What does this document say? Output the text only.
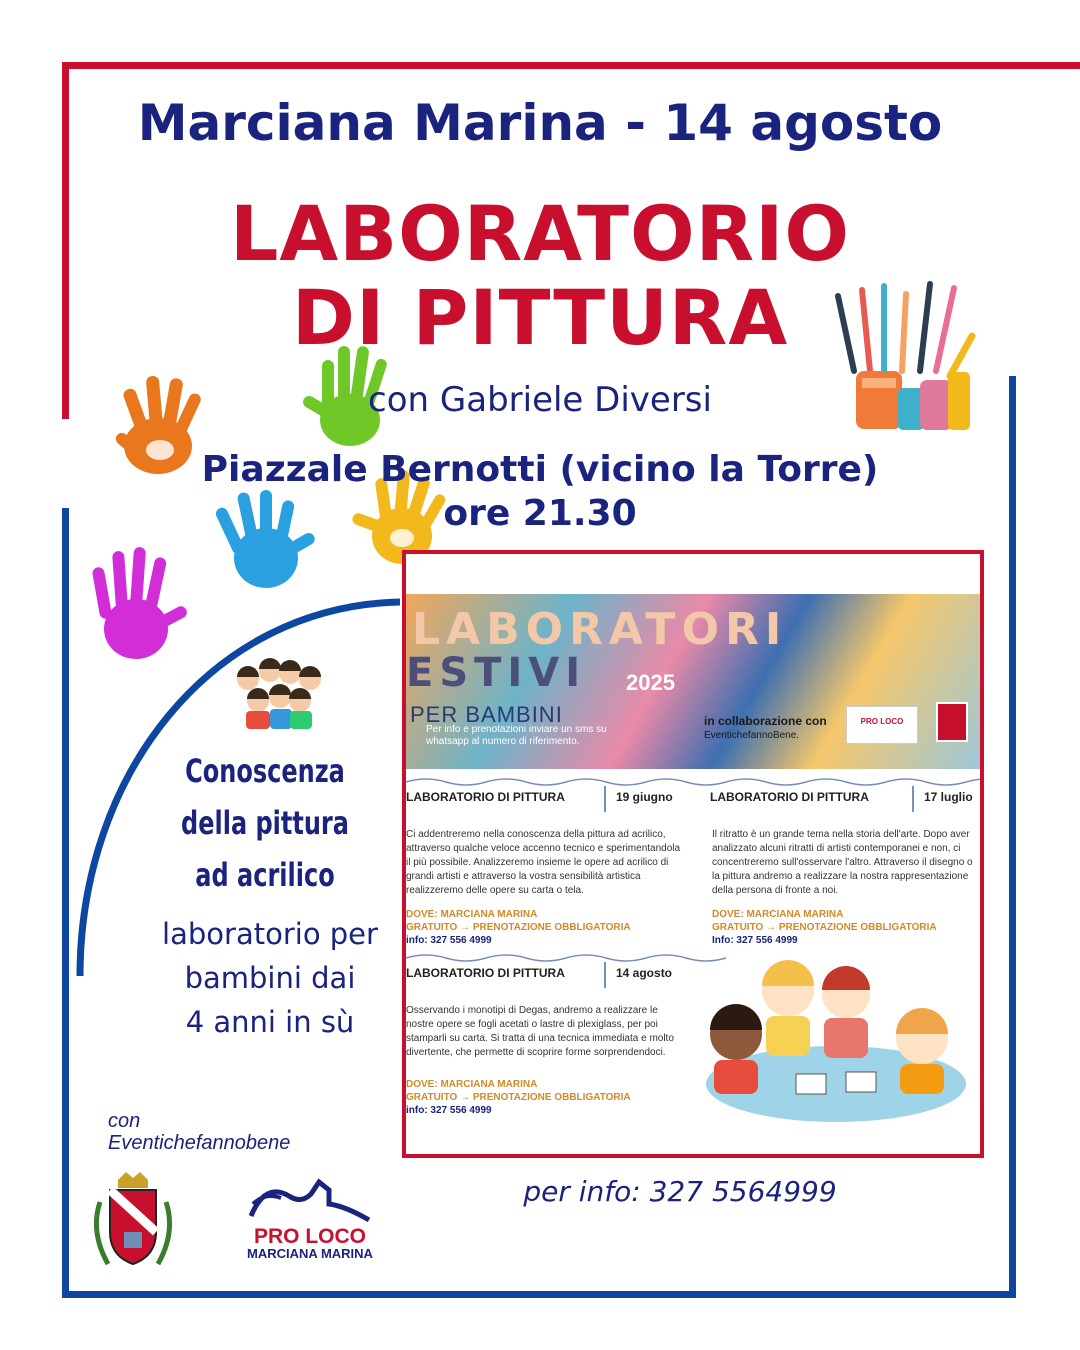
Marciana Marina - 14 agosto
LABORATORIO
DI PITTURA
con Gabriele Diversi
Piazzale Bernotti (vicino la Torre)
ore 21.30
Conoscenza
della pittura
ad acrilico
laboratorio per
bambini dai
4 anni in sù
LABORATORI
ESTIVI 2025
PER BAMBINI
Per info e prenotazioni inviare un sms su whatsapp al numero di riferimento.
in collaborazione con
EventichefannoBene.
PRO LOCO
LABORATORIO DI PITTURA	19 giugno
Ci addentreremo nella conoscenza della pittura ad acrilico, attraverso qualche veloce accenno tecnico e sperimentandola il più possibile. Analizzeremo insieme le opere ad acrilico di grandi artisti e attraverso la vostra sensibilità artistica realizzeremo delle opere su carta o tela.
DOVE: MARCIANA MARINA
GRATUITO → PRENOTAZIONE OBBLIGATORIA
info: 327 556 4999
LABORATORIO DI PITTURA	17 luglio
Il ritratto è un grande tema nella storia dell'arte. Dopo aver analizzato alcuni ritratti di artisti contemporanei e non, ci concentreremo sull'osservare l'altro. Attraverso il disegno o la pittura andremo a realizzare la nostra rappresentazione della persona di fronte a noi.
DOVE: MARCIANA MARINA
GRATUITO → PRENOTAZIONE OBBLIGATORIA
Info: 327 556 4999
LABORATORIO DI PITTURA	14 agosto
Osservando i monotipi di Degas, andremo a realizzare le nostre opere se fogli acetati o lastre di plexiglass, per poi stamparli su carta. Si tratta di una tecnica immediata e molto divertente, che permette di scoprire forme sorprendendoci.
DOVE: MARCIANA MARINA
GRATUITO → PRENOTAZIONE OBBLIGATORIA
info: 327 556 4999
con
Eventichefannobene
PRO LOCO
MARCIANA MARINA
per info: 327 5564999
